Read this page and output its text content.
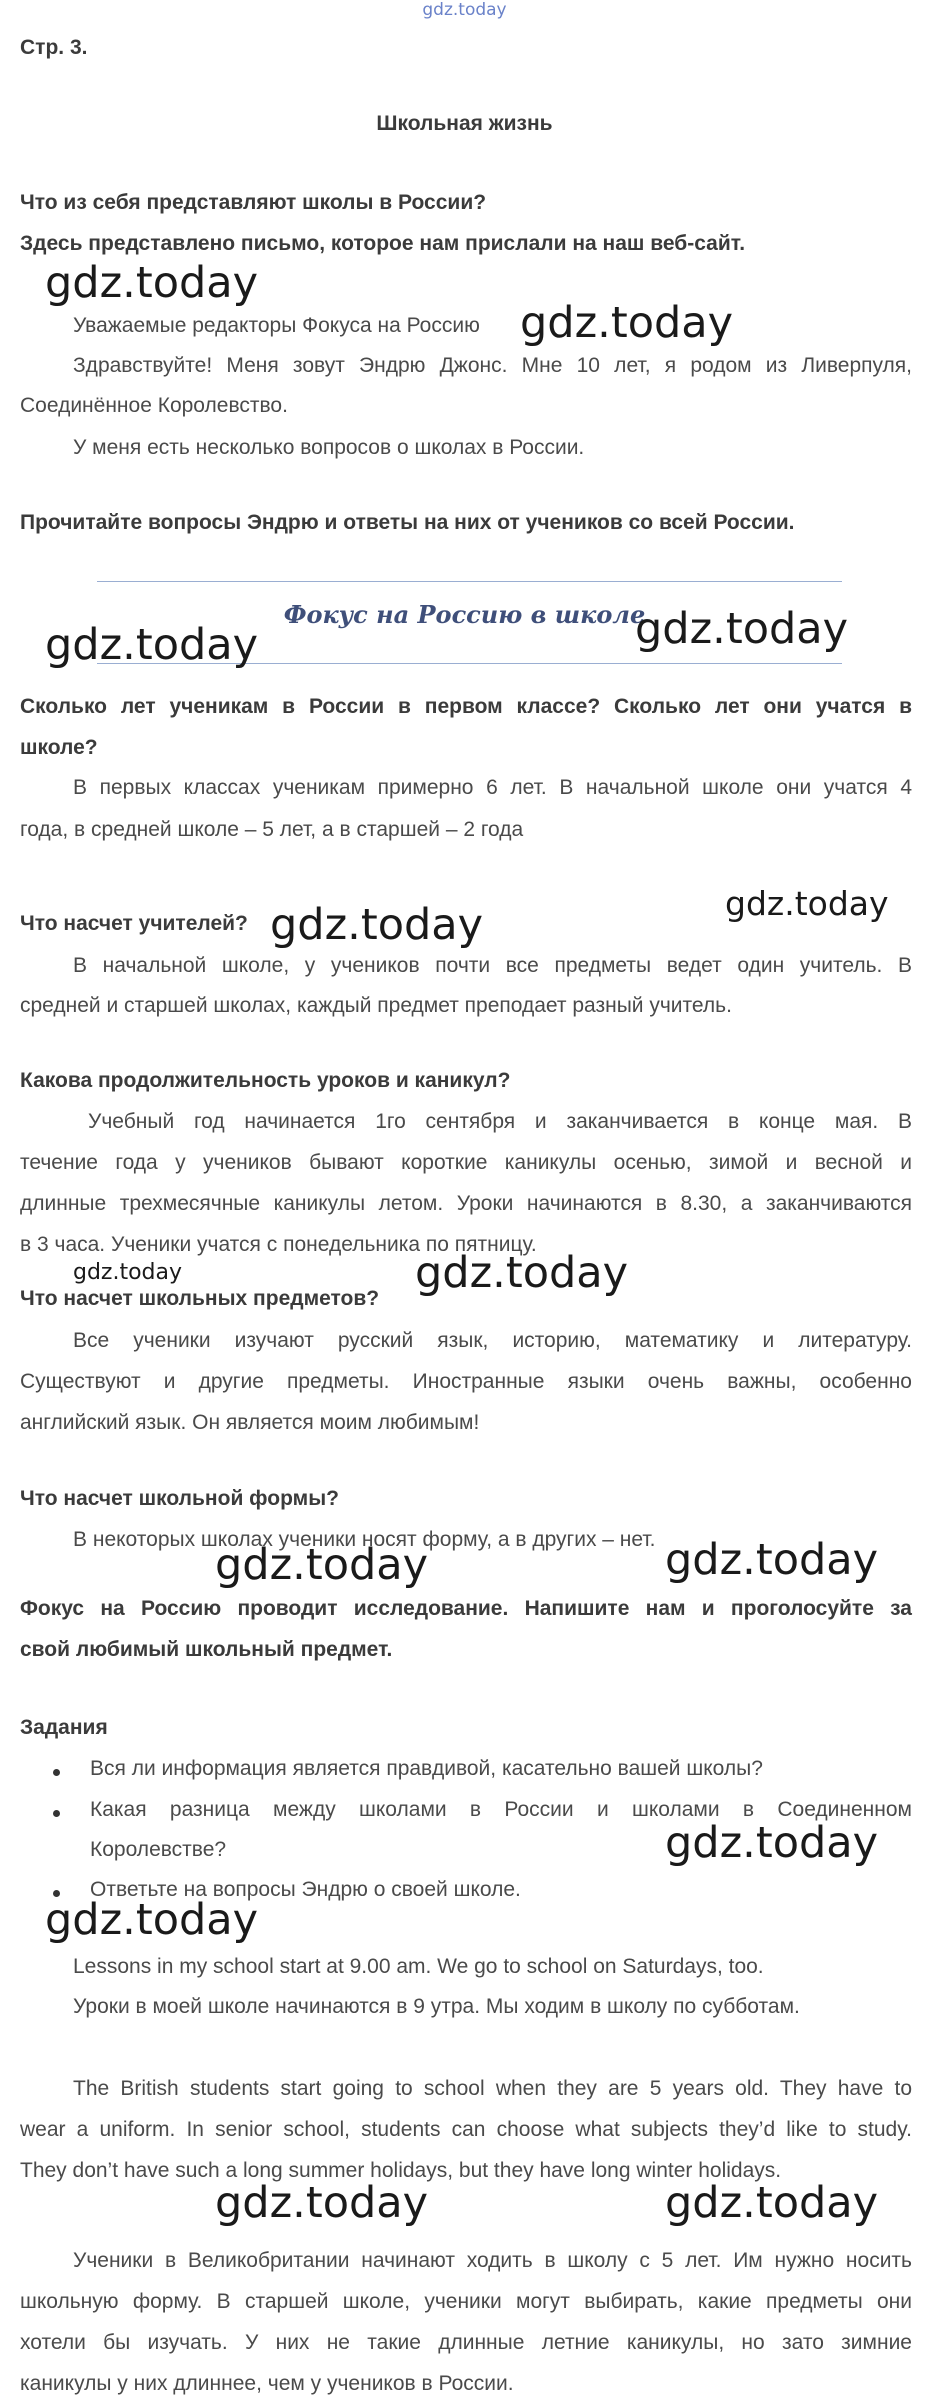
gdz.today
Стр. 3.
Школьная жизнь
Что из себя представляют школы в России?
Здесь представлено письмо, которое нам прислали на наш веб-сайт.
Уважаемые редакторы Фокуса на Россию
Здравствуйте! Меня зовут Эндрю Джонс. Мне 10 лет, я родом из Ливерпуля,
Соединённое Королевство.
У меня есть несколько вопросов о школах в России.
Прочитайте вопросы Эндрю и ответы на них от учеников со всей России.
Фокус на Россию в школе
Сколько лет ученикам в России в первом классе? Сколько лет они учатся в
школе?
В первых классах ученикам примерно 6 лет. В начальной школе они учатся 4
года, в средней школе – 5 лет, а в старшей – 2 года
Что насчет учителей?
В начальной школе, у учеников почти все предметы ведет один учитель. В
средней и старшей школах, каждый предмет преподает разный учитель.
Какова продолжительность уроков и каникул?
Учебный год начинается 1го сентября и заканчивается в конце мая. В
течение года у учеников бывают короткие каникулы осенью, зимой и весной и
длинные трехмесячные каникулы летом. Уроки начинаются в 8.30, а заканчиваются
в 3 часа. Ученики учатся с понедельника по пятницу.
Что насчет школьных предметов?
Все ученики изучают русский язык, историю, математику и литературу.
Существуют и другие предметы. Иностранные языки очень важны, особенно
английский язык. Он является моим любимым!
Что насчет школьной формы?
В некоторых школах ученики носят форму, а в других – нет.
Фокус на Россию проводит исследование. Напишите нам и проголосуйте за
свой любимый школьный предмет.
Задания
Вся ли информация является правдивой, касательно вашей школы?
Какая разница между школами в России и школами в Соединенном
Королевстве?
Ответьте на вопросы Эндрю о своей школе.
Lessons in my school start at 9.00 am. We go to school on Saturdays, too.
Уроки в моей школе начинаются в 9 утра. Мы ходим в школу по субботам.
The British students start going to school when they are 5 years old. They have to
wear a uniform. In senior school, students can choose what subjects they’d like to study.
They don’t have such a long summer holidays, but they have long winter holidays.
Ученики в Великобритании начинают ходить в школу с 5 лет. Им нужно носить
школьную форму. В старшей школе, ученики могут выбирать, какие предметы они
хотели бы изучать. У них не такие длинные летние каникулы, но зато зимние
каникулы у них длиннее, чем у учеников в России.
gdz.today
gdz.today
gdz.today	gdz.today
gdz.today
gdz.today
gdz.today	gdz.today
gdz.today	gdz.today
gdz.today
gdz.today
gdz.today	gdz.today
